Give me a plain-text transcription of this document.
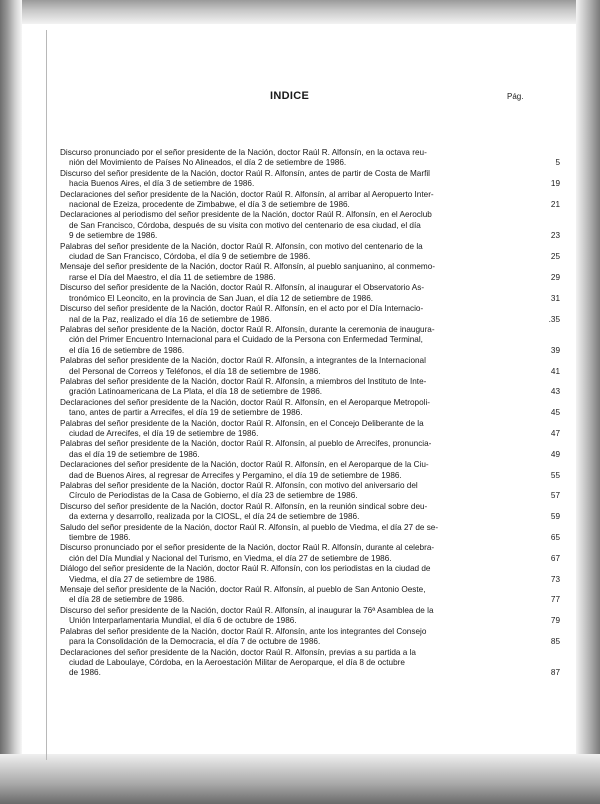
INDICE	Pág.
Discurso pronunciado por el señor presidente de la Nación, doctor Raúl R. Alfonsín, en la octava reu-
nión del Movimiento de Países No Alineados, el día 2 de setiembre de 1986.	5
Discurso del señor presidente de la Nación, doctor Raúl R. Alfonsín, antes de partir de Costa de Marfil
hacia Buenos Aires, el día 3 de setiembre de 1986.	19
Declaraciones del señor presidente de la Nación, doctor Raúl R. Alfonsín, al arribar al Aeropuerto Inter-
nacional de Ezeiza, procedente de Zimbabwe, el día 3 de setiembre de 1986.	21
Declaraciones al periodismo del señor presidente de la Nación, doctor Raúl R. Alfonsín, en el Aeroclub
de San Francisco, Córdoba, después de su visita con motivo del centenario de esa ciudad, el día
9 de setiembre de 1986.	23
Palabras del señor presidente de la Nación, doctor Raúl R. Alfonsín, con motivo del centenario de la
ciudad de San Francisco, Córdoba, el día 9 de setiembre de 1986.	25
Mensaje del señor presidente de la Nación, doctor Raúl R. Alfonsín, al pueblo sanjuanino, al conmemo-
rarse el Día del Maestro, el día 11 de setiembre de 1986.	29
Discurso del señor presidente de la Nación, doctor Raúl R. Alfonsín, al inaugurar el Observatorio As-
tronómico El Leoncito, en la provincia de San Juan, el día 12 de setiembre de 1986.	31
Discurso del señor presidente de la Nación, doctor Raúl R. Alfonsín, en el acto por el Día Internacio-
nal de la Paz, realizado el día 16 de setiembre de 1986.	.35
Palabras del señor presidente de la Nación, doctor Raúl R. Alfonsín, durante la ceremonia de inaugura-
ción del Primer Encuentro Internacional para el Cuidado de la Persona con Enfermedad Terminal,
el día 16 de setiembre de 1986.	39
Palabras del señor presidente de la Nación, doctor Raúl R. Alfonsín, a integrantes de la Internacional
del Personal de Correos y Teléfonos, el día 18 de setiembre de 1986.	41
Palabras del señor presidente de la Nación, doctor Raúl R. Alfonsín, a miembros del Instituto de Inte-
gración Latinoamericana de La Plata, el día 18 de setiembre de 1986.	43
Declaraciones del señor presidente de la Nación, doctor Raúl R. Alfonsín, en el Aeroparque Metropoli-
tano, antes de partir a Arrecifes, el día 19 de setiembre de 1986.	45
Palabras del señor presidente de la Nación, doctor Raúl R. Alfonsín, en el Concejo Deliberante de la
ciudad de Arrecifes, el día 19 de setiembre de 1986.	47
Palabras del señor presidente de la Nación, doctor Raúl R. Alfonsín, al pueblo de Arrecifes, pronuncia-
das el día 19 de setiembre de 1986.	49
Declaraciones del señor presidente de la Nación, doctor Raúl R. Alfonsín, en el Aeroparque de la Ciu-
dad de Buenos Aires, al regresar de Arrecifes y Pergamino, el día 19 de setiembre de 1986.	55
Palabras del señor presidente de la Nación, doctor Raúl R. Alfonsín, con motivo del aniversario del
Círculo de Periodistas de la Casa de Gobierno, el día 23 de setiembre de 1986.	57
Discurso del señor presidente de la Nación, doctor Raúl R. Alfonsín, en la reunión sindical sobre deu-
da externa y desarrollo, realizada por la CIOSL, el día 24 de setiembre de 1986.	59
Saludo del señor presidente de la Nación, doctor Raúl R. Alfonsín, al pueblo de Viedma, el día 27 de se-
tiembre de 1986.	65
Discurso pronunciado por el señor presidente de la Nación, doctor Raúl R. Alfonsín, durante al celebra-
ción del Día Mundial y Nacional del Turismo, en Viedma, el día 27 de setiembre de 1986.	67
Diálogo del señor presidente de la Nación, doctor Raúl R. Alfonsín, con los periodistas en la ciudad de
Viedma, el día 27 de setiembre de 1986.	73
Mensaje del señor presidente de la Nación, doctor Raúl R. Alfonsín, al pueblo de San Antonio Oeste,
el día 28 de setiembre de 1986.	77
Discurso del señor presidente de la Nación, doctor Raúl R. Alfonsín, al inaugurar la 76ª Asamblea de la
Unión Interparlamentaria Mundial, el día 6 de octubre de 1986.	79
Palabras del señor presidente de la Nación, doctor Raúl R. Alfonsín, ante los integrantes del Consejo
para la Consolidación de la Democracia, el día 7 de octubre de 1986.	85
Declaraciones del señor presidente de la Nación, doctor Raúl R. Alfonsín, previas a su partida a la
ciudad de Laboulaye, Córdoba, en la Aeroestación Militar de Aeroparque, el día 8 de octubre
de 1986.	87
